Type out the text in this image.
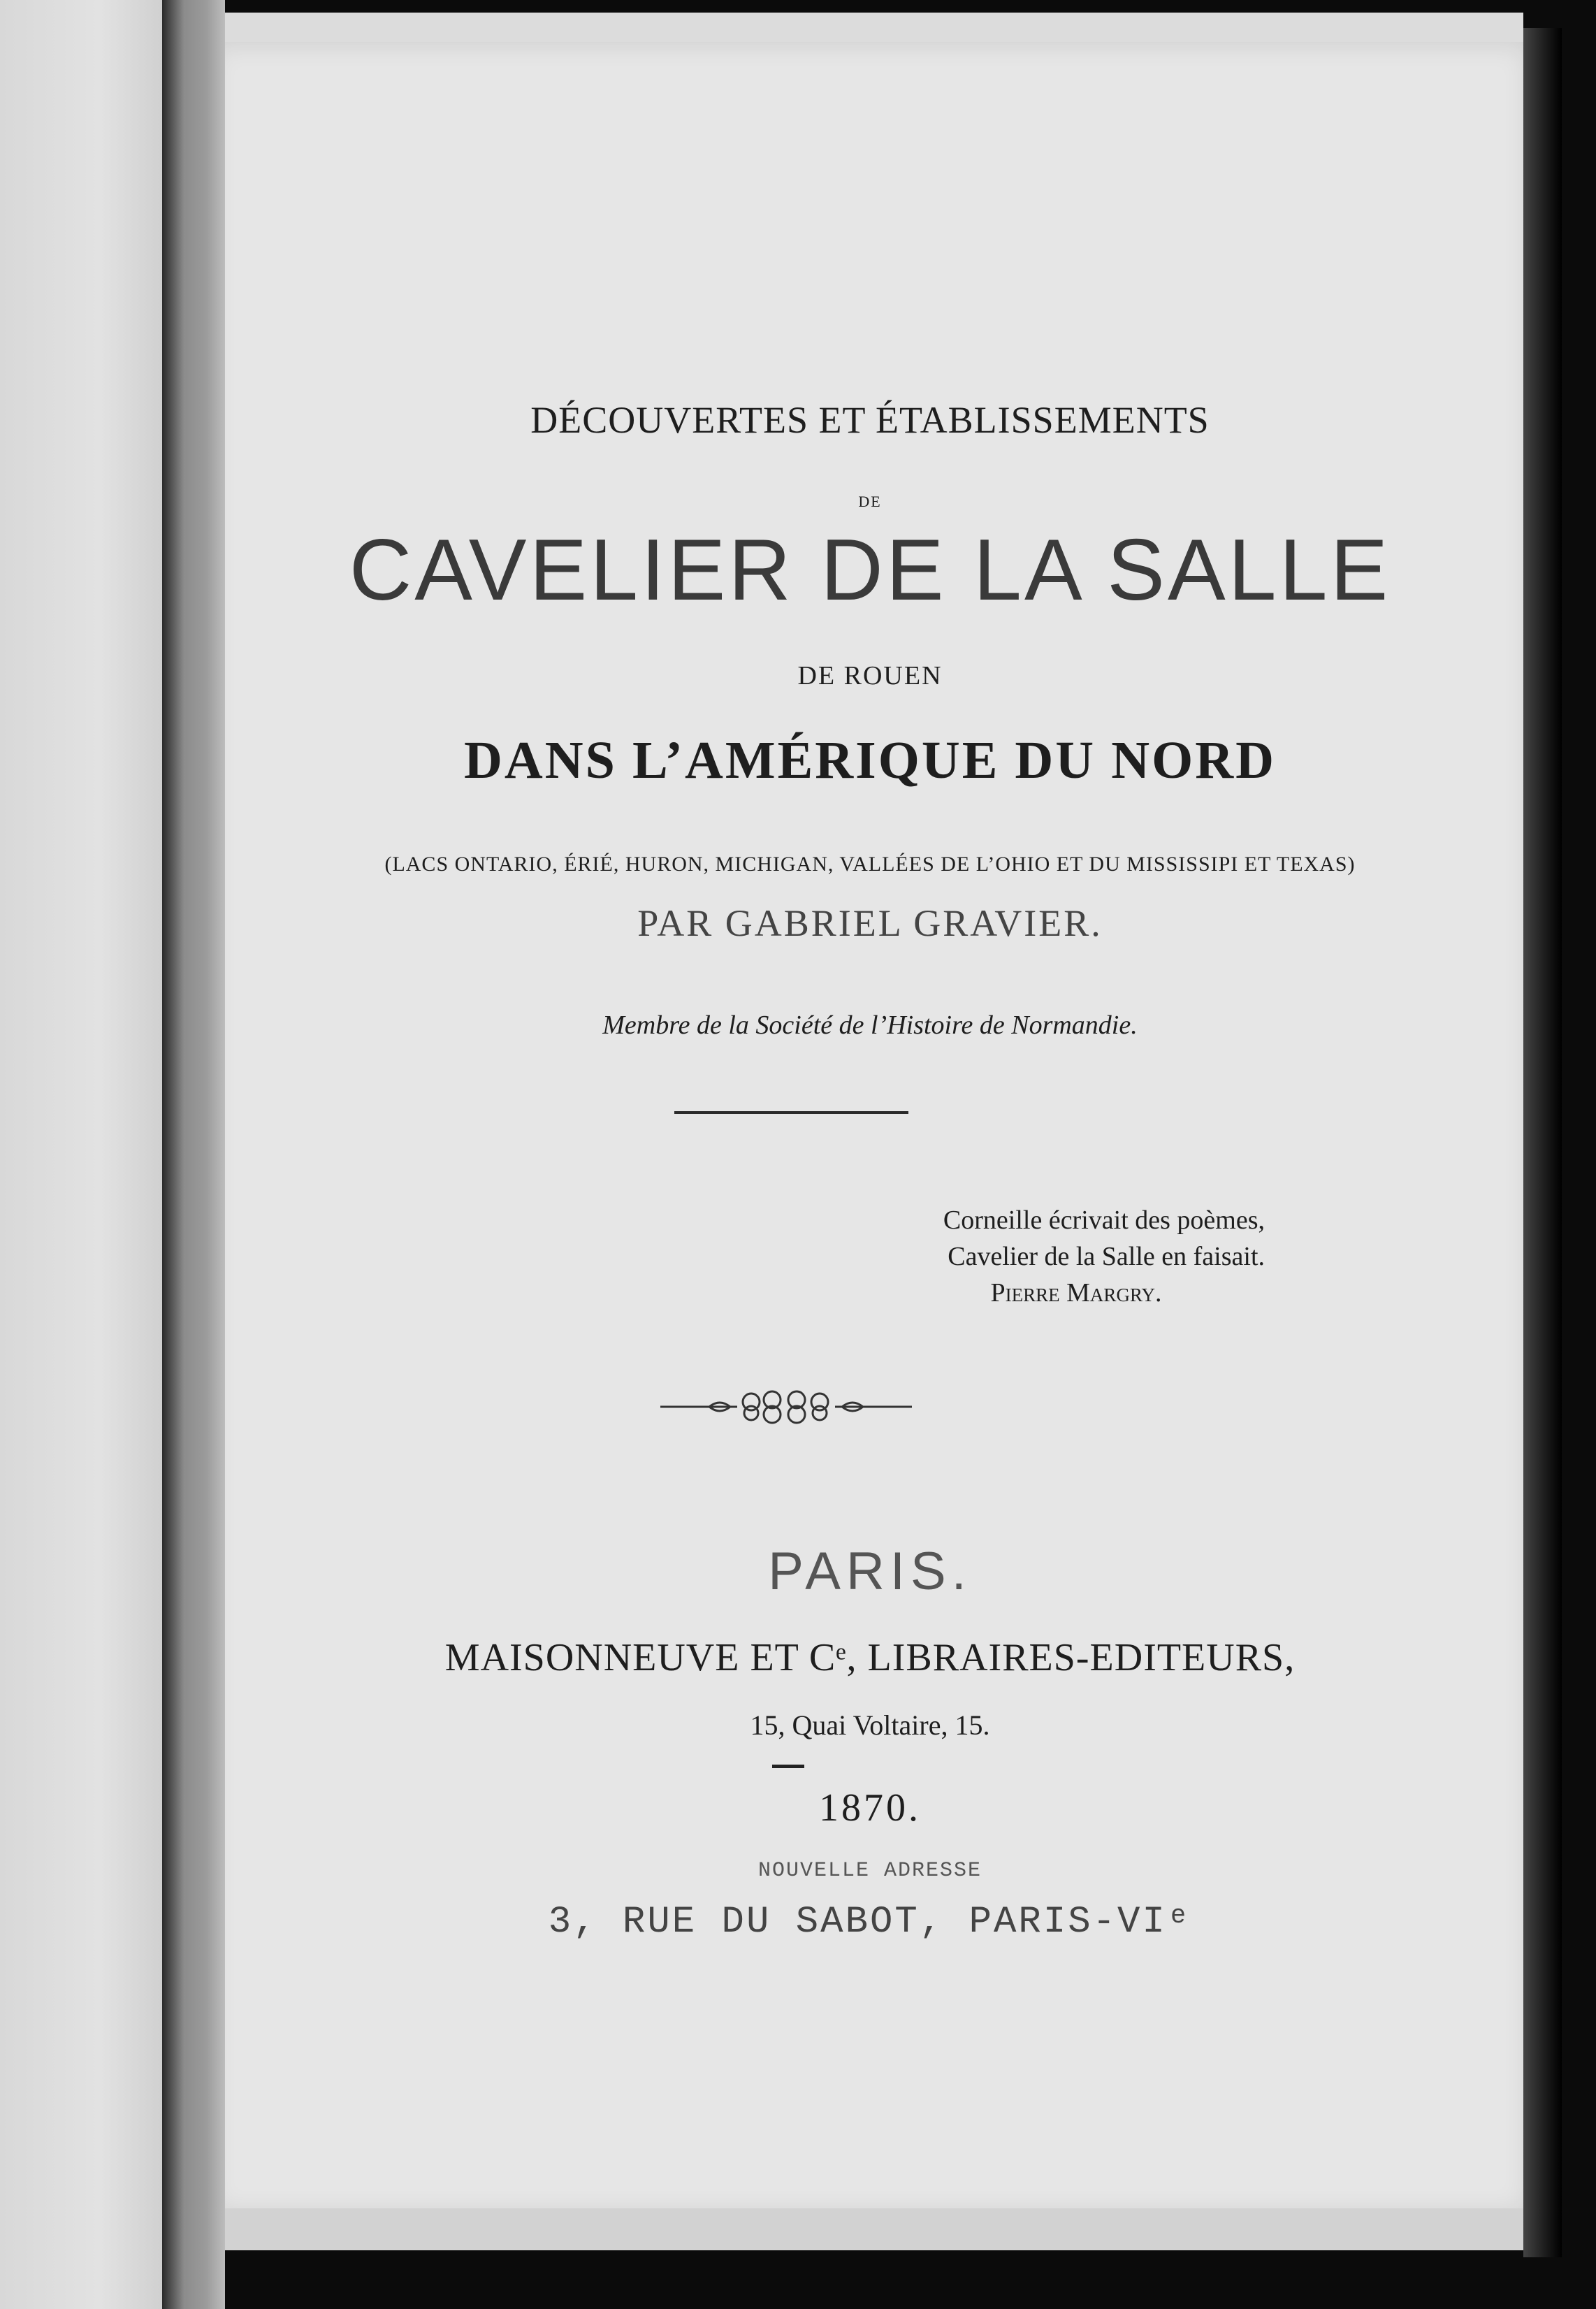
DÉCOUVERTES ET ÉTABLISSEMENTS
DE
CAVELIER DE LA SALLE
DE ROUEN
DANS L’AMÉRIQUE DU NORD
(LACS ONTARIO, ÉRIÉ, HURON, MICHIGAN, VALLÉES DE L’OHIO ET DU MISSISSIPI ET TEXAS)
PAR GABRIEL GRAVIER.
Membre de la Société de l’Histoire de Normandie.
Corneille écrivait des poèmes,
Cavelier de la Salle en faisait.
Pierre Margry.
PARIS.
MAISONNEUVE ET Cᵉ, LIBRAIRES-EDITEURS,
15, Quai Voltaire, 15.
1870.
NOUVELLE ADRESSE
3, RUE DU SABOT, PARIS-VIᵉ
